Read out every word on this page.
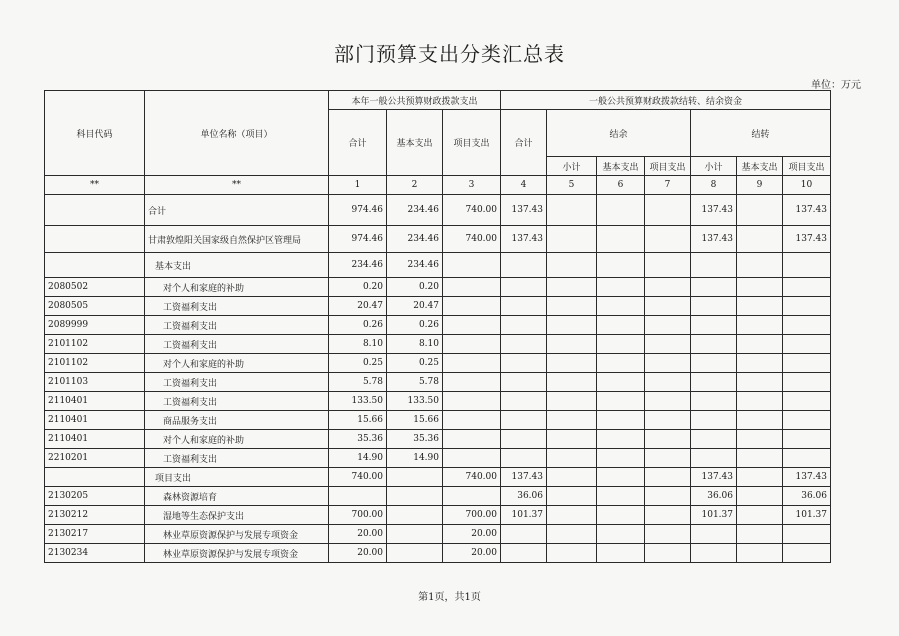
部门预算支出分类汇总表
单位：万元
科目代码	单位名称（项目）	本年一般公共预算财政拨款支出			一般公共预算财政拨款结转、结余资金						
		合计	基本支出	项目支出	合计	结余			结转		
						小计	基本支出	项目支出	小计	基本支出	项目支出
**	**	1	2	3	4	5	6	7	8	9	10
	合计	974.46	234.46	740.00	137.43				137.43		137.43
	甘肃敦煌阳关国家级自然保护区管理局	974.46	234.46	740.00	137.43				137.43		137.43
	基本支出	234.46	234.46								
2080502	对个人和家庭的补助	0.20	0.20								
2080505	工资福利支出	20.47	20.47								
2089999	工资福利支出	0.26	0.26								
2101102	工资福利支出	8.10	8.10								
2101102	对个人和家庭的补助	0.25	0.25								
2101103	工资福利支出	5.78	5.78								
2110401	工资福利支出	133.50	133.50								
2110401	商品服务支出	15.66	15.66								
2110401	对个人和家庭的补助	35.36	35.36								
2210201	工资福利支出	14.90	14.90								
	项目支出	740.00		740.00	137.43				137.43		137.43
2130205	森林资源培育				36.06				36.06		36.06
2130212	湿地等生态保护支出	700.00		700.00	101.37				101.37		101.37
2130217	林业草原资源保护与发展专项资金	20.00		20.00							
2130234	林业草原资源保护与发展专项资金	20.00		20.00							
第1页，共1页
